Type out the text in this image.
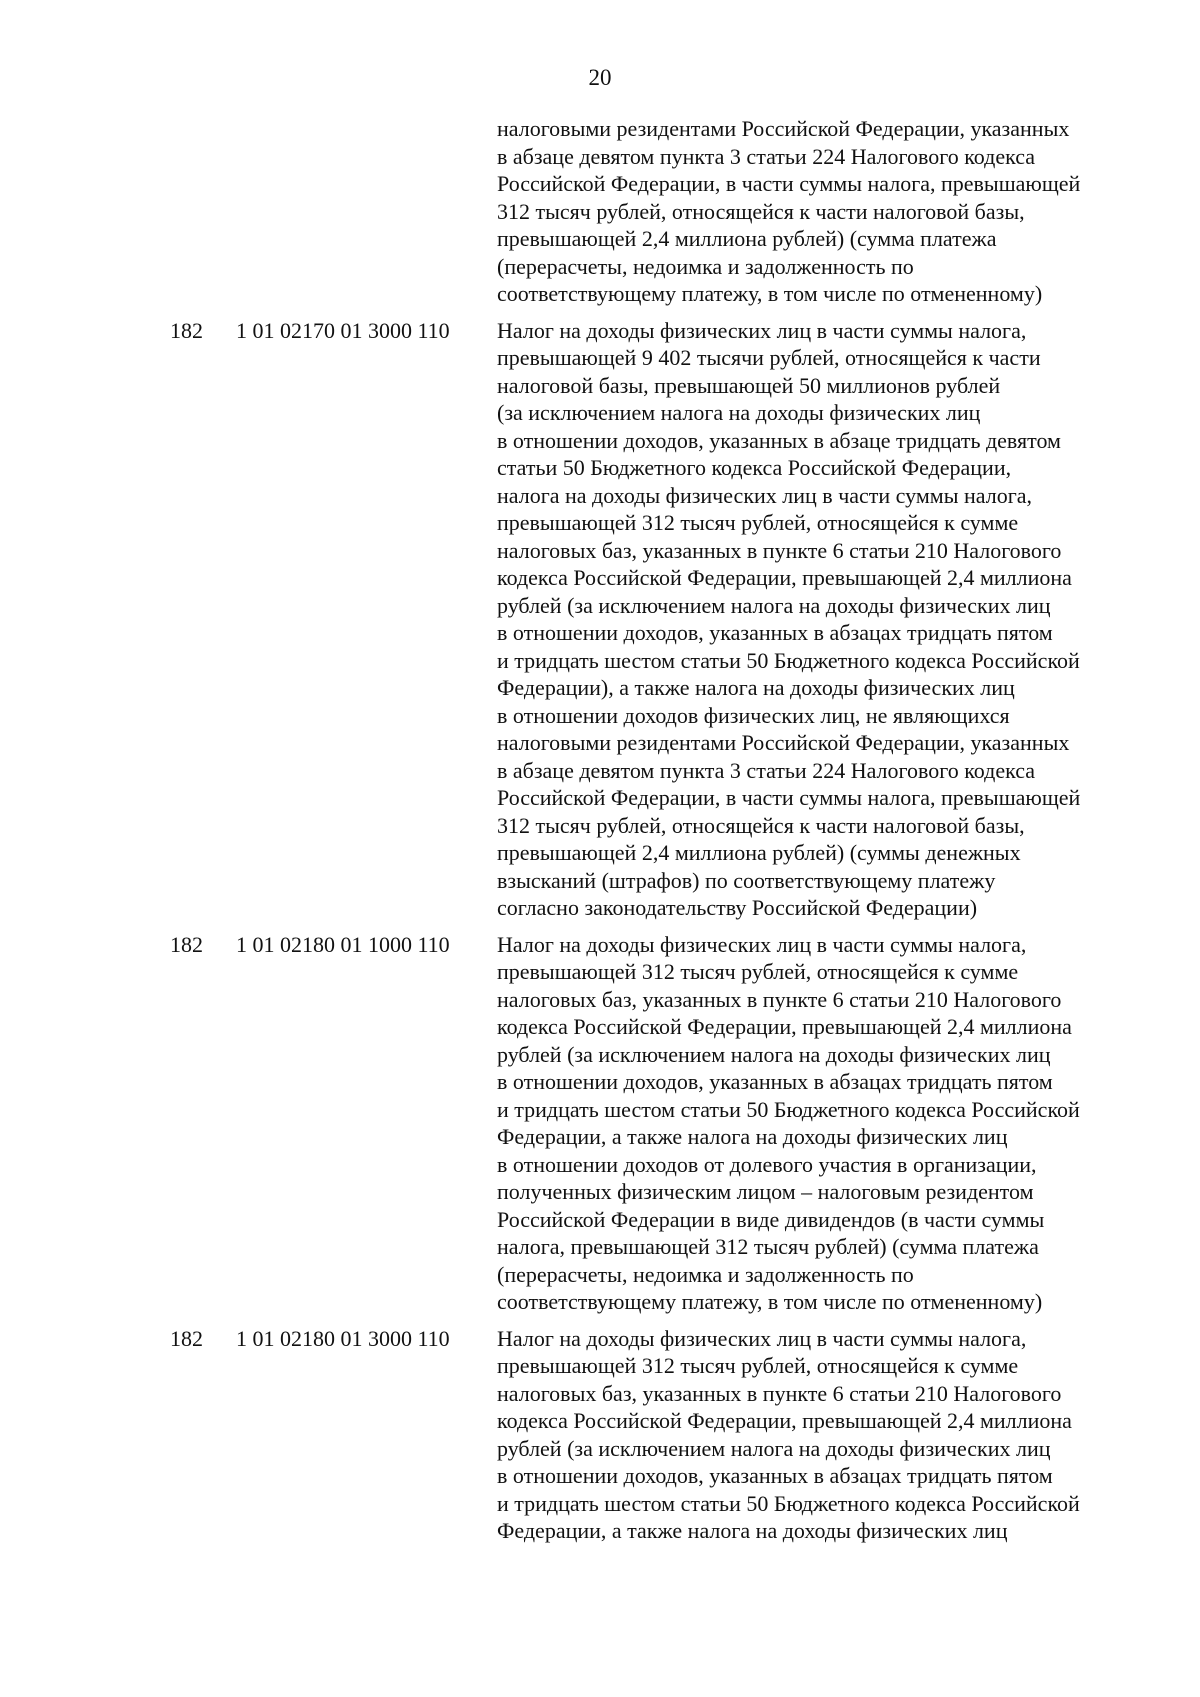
20
налоговыми резидентами Российской Федерации, указанных
в абзаце девятом пункта 3 статьи 224 Налогового кодекса
Российской Федерации, в части суммы налога, превышающей
312 тысяч рублей, относящейся к части налоговой базы,
превышающей 2,4 миллиона рублей) (сумма платежа
(перерасчеты, недоимка и задолженность по
соответствующему платежу, в том числе по отмененному)
182 1 01 02170 01 3000 110 Налог на доходы физических лиц в части суммы налога,
превышающей 9 402 тысячи рублей, относящейся к части
налоговой базы, превышающей 50 миллионов рублей
(за исключением налога на доходы физических лиц
в отношении доходов, указанных в абзаце тридцать девятом
статьи 50 Бюджетного кодекса Российской Федерации,
налога на доходы физических лиц в части суммы налога,
превышающей 312 тысяч рублей, относящейся к сумме
налоговых баз, указанных в пункте 6 статьи 210 Налогового
кодекса Российской Федерации, превышающей 2,4 миллиона
рублей (за исключением налога на доходы физических лиц
в отношении доходов, указанных в абзацах тридцать пятом
и тридцать шестом статьи 50 Бюджетного кодекса Российской
Федерации), а также налога на доходы физических лиц
в отношении доходов физических лиц, не являющихся
налоговыми резидентами Российской Федерации, указанных
в абзаце девятом пункта 3 статьи 224 Налогового кодекса
Российской Федерации, в части суммы налога, превышающей
312 тысяч рублей, относящейся к части налоговой базы,
превышающей 2,4 миллиона рублей) (суммы денежных
взысканий (штрафов) по соответствующему платежу
согласно законодательству Российской Федерации)
182 1 01 02180 01 1000 110 Налог на доходы физических лиц в части суммы налога,
превышающей 312 тысяч рублей, относящейся к сумме
налоговых баз, указанных в пункте 6 статьи 210 Налогового
кодекса Российской Федерации, превышающей 2,4 миллиона
рублей (за исключением налога на доходы физических лиц
в отношении доходов, указанных в абзацах тридцать пятом
и тридцать шестом статьи 50 Бюджетного кодекса Российской
Федерации, а также налога на доходы физических лиц
в отношении доходов от долевого участия в организации,
полученных физическим лицом – налоговым резидентом
Российской Федерации в виде дивидендов (в части суммы
налога, превышающей 312 тысяч рублей) (сумма платежа
(перерасчеты, недоимка и задолженность по
соответствующему платежу, в том числе по отмененному)
182 1 01 02180 01 3000 110 Налог на доходы физических лиц в части суммы налога,
превышающей 312 тысяч рублей, относящейся к сумме
налоговых баз, указанных в пункте 6 статьи 210 Налогового
кодекса Российской Федерации, превышающей 2,4 миллиона
рублей (за исключением налога на доходы физических лиц
в отношении доходов, указанных в абзацах тридцать пятом
и тридцать шестом статьи 50 Бюджетного кодекса Российской
Федерации, а также налога на доходы физических лиц
